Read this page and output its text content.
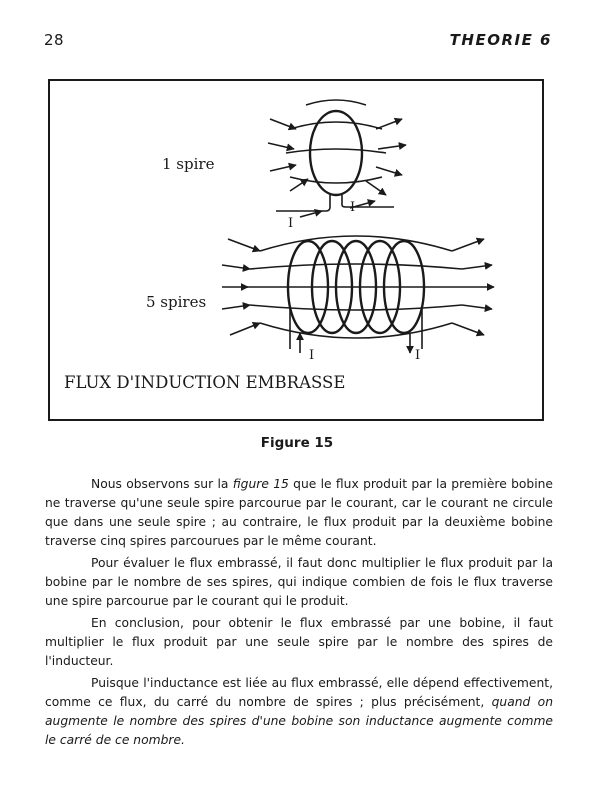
28	THEORIE 6
I
I
I	I
1 spire
5 spires
FLUX D'INDUCTION EMBRASSE
Figure 15

Nous observons sur la figure 15 que le flux produit par la première bobine ne traverse qu'une seule spire parcourue par le courant, car le courant ne circule que dans une seule spire ; au contraire, le flux produit par la deuxième bobine traverse cinq spires parcourues par le même courant.

Pour évaluer le flux embrassé, il faut donc multiplier le flux produit par la bobine par le nombre de ses spires, qui indique combien de fois le flux traverse une spire parcourue par le courant qui le produit.

En conclusion, pour obtenir le flux embrassé par une bobine, il faut multiplier le flux produit par une seule spire par le nombre des spires de l'inducteur.

Puisque l'inductance est liée au flux embrassé, elle dépend effectivement, comme ce flux, du carré du nombre de spires ; plus précisément, quand on augmente le nombre des spires d'une bobine son inductance augmente comme le carré de ce nombre.
